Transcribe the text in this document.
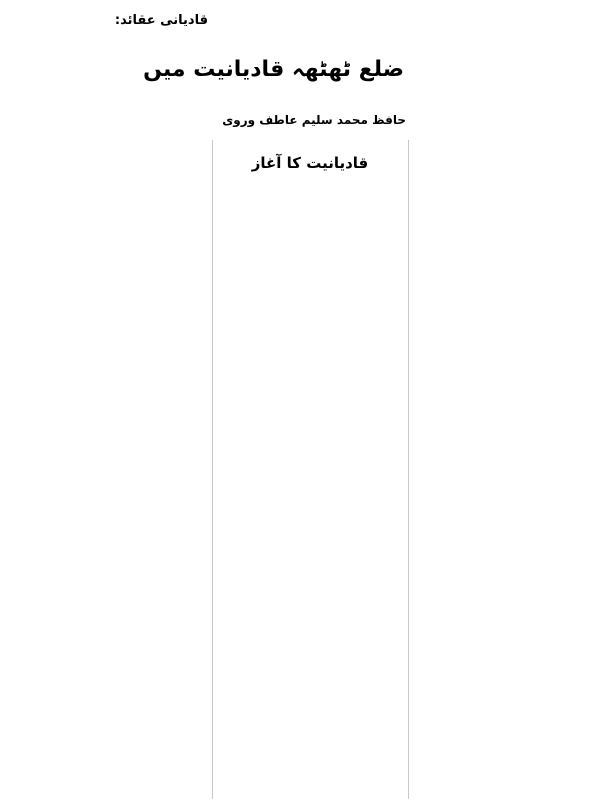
ضلع ٹھٹھہ قادیانیت میں

حافظ محمد سلیم عاطف وروی

قادیانیت کا آغاز

قادیانی عقائد:
